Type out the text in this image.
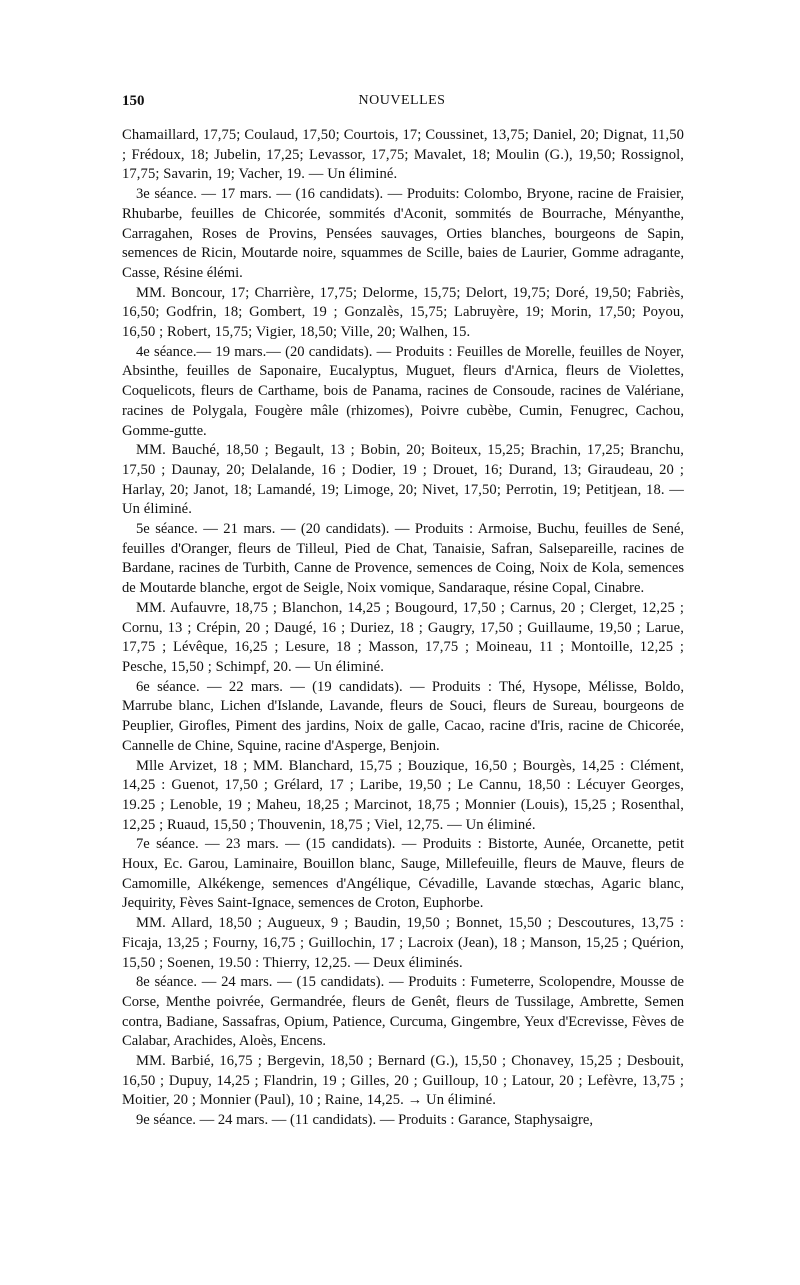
150	NOUVELLES

Chamaillard, 17,75; Coulaud, 17,50; Courtois, 17; Coussinet, 13,75; Daniel, 20; Dignat, 11,50 ; Frédoux, 18; Jubelin, 17,25; Levassor, 17,75; Mavalet, 18; Moulin (G.), 19,50; Rossignol, 17,75; Savarin, 19; Vacher, 19. — Un éliminé.

3e séance. — 17 mars. — (16 candidats). — Produits: Colombo, Bryone, racine de Fraisier, Rhubarbe, feuilles de Chicorée, sommités d'Aconit, sommités de Bourrache, Ményanthe, Carragahen, Roses de Provins, Pensées sauvages, Orties blanches, bourgeons de Sapin, semences de Ricin, Moutarde noire, squammes de Scille, baies de Laurier, Gomme adragante, Casse, Résine élémi.

MM. Boncour, 17; Charrière, 17,75; Delorme, 15,75; Delort, 19,75; Doré, 19,50; Fabriès, 16,50; Godfrin, 18; Gombert, 19 ; Gonzalès, 15,75; Labruyère, 19; Morin, 17,50; Poyou, 16,50 ; Robert, 15,75; Vigier, 18,50; Ville, 20; Walhen, 15.

4e séance.— 19 mars.— (20 candidats). — Produits : Feuilles de Morelle, feuilles de Noyer, Absinthe, feuilles de Saponaire, Eucalyptus, Muguet, fleurs d'Arnica, fleurs de Violettes, Coquelicots, fleurs de Carthame, bois de Panama, racines de Consoude, racines de Valériane, racines de Polygala, Fougère mâle (rhizomes), Poivre cubèbe, Cumin, Fenugrec, Cachou, Gomme-gutte.

MM. Bauché, 18,50 ; Begault, 13 ; Bobin, 20; Boiteux, 15,25; Brachin, 17,25; Branchu, 17,50 ; Daunay, 20; Delalande, 16 ; Dodier, 19 ; Drouet, 16; Durand, 13; Giraudeau, 20 ; Harlay, 20; Janot, 18; Lamandé, 19; Limoge, 20; Nivet, 17,50; Perrotin, 19; Petitjean, 18. — Un éliminé.

5e séance. — 21 mars. — (20 candidats). — Produits : Armoise, Buchu, feuilles de Sené, feuilles d'Oranger, fleurs de Tilleul, Pied de Chat, Tanaisie, Safran, Salsepareille, racines de Bardane, racines de Turbith, Canne de Provence, semences de Coing, Noix de Kola, semences de Moutarde blanche, ergot de Seigle, Noix vomique, Sandaraque, résine Copal, Cinabre.

MM. Aufauvre, 18,75 ; Blanchon, 14,25 ; Bougourd, 17,50 ; Carnus, 20 ; Clerget, 12,25 ; Cornu, 13 ; Crépin, 20 ; Daugé, 16 ; Duriez, 18 ; Gaugry, 17,50 ; Guillaume, 19,50 ; Larue, 17,75 ; Lévêque, 16,25 ; Lesure, 18 ; Masson, 17,75 ; Moineau, 11 ; Montoille, 12,25 ; Pesche, 15,50 ; Schimpf, 20. — Un éliminé.

6e séance. — 22 mars. — (19 candidats). — Produits : Thé, Hysope, Mélisse, Boldo, Marrube blanc, Lichen d'Islande, Lavande, fleurs de Souci, fleurs de Sureau, bourgeons de Peuplier, Girofles, Piment des jardins, Noix de galle, Cacao, racine d'Iris, racine de Chicorée, Cannelle de Chine, Squine, racine d'Asperge, Benjoin.

Mlle Arvizet, 18 ; MM. Blanchard, 15,75 ; Bouzique, 16,50 ; Bourgès, 14,25 : Clément, 14,25 : Guenot, 17,50 ; Grélard, 17 ; Laribe, 19,50 ; Le Cannu, 18,50 : Lécuyer Georges, 19.25 ; Lenoble, 19 ; Maheu, 18,25 ; Marcinot, 18,75 ; Monnier (Louis), 15,25 ; Rosenthal, 12,25 ; Ruaud, 15,50 ; Thouvenin, 18,75 ; Viel, 12,75. — Un éliminé.

7e séance. — 23 mars. — (15 candidats). — Produits : Bistorte, Aunée, Orcanette, petit Houx, Ec. Garou, Laminaire, Bouillon blanc, Sauge, Millefeuille, fleurs de Mauve, fleurs de Camomille, Alkékenge, semences d'Angélique, Cévadille, Lavande stœchas, Agaric blanc, Jequirity, Fèves Saint-Ignace, semences de Croton, Euphorbe.

MM. Allard, 18,50 ; Augueux, 9 ; Baudin, 19,50 ; Bonnet, 15,50 ; Descoutures, 13,75 : Ficaja, 13,25 ; Fourny, 16,75 ; Guillochin, 17 ; Lacroix (Jean), 18 ; Manson, 15,25 ; Quérion, 15,50 ; Soenen, 19.50 : Thierry, 12,25. — Deux éliminés.

8e séance. — 24 mars. — (15 candidats). — Produits : Fumeterre, Scolopendre, Mousse de Corse, Menthe poivrée, Germandrée, fleurs de Genêt, fleurs de Tussilage, Ambrette, Semen contra, Badiane, Sassafras, Opium, Patience, Curcuma, Gingembre, Yeux d'Ecrevisse, Fèves de Calabar, Arachides, Aloès, Encens.

MM. Barbié, 16,75 ; Bergevin, 18,50 ; Bernard (G.), 15,50 ; Chonavey, 15,25 ; Desbouit, 16,50 ; Dupuy, 14,25 ; Flandrin, 19 ; Gilles, 20 ; Guilloup, 10 ; Latour, 20 ; Lefèvre, 13,75 ; Moitier, 20 ; Monnier (Paul), 10 ; Raine, 14,25. → Un éliminé.

9e séance. — 24 mars. — (11 candidats). — Produits : Garance, Staphysaigre,
